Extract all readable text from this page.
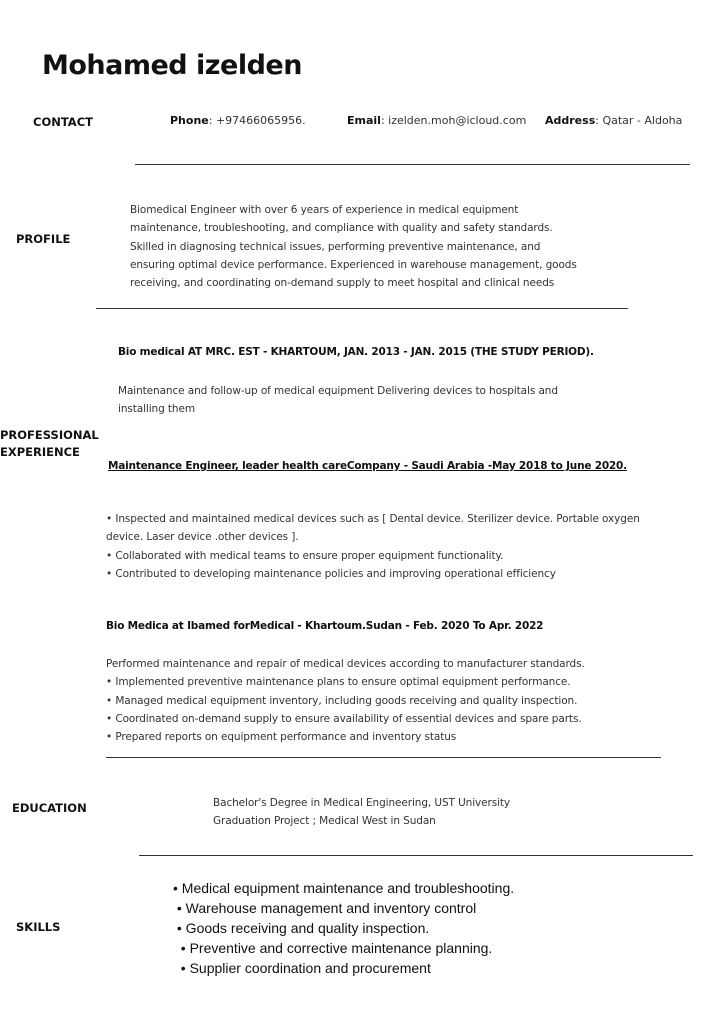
Mohamed izelden
CONTACT	Phone: +97466065956.	Email: izelden.moh@icloud.com Address: Qatar - Aldoha
PROFILE
Biomedical Engineer with over 6 years of experience in medical equipment
maintenance, troubleshooting, and compliance with quality and safety standards.
Skilled in diagnosing technical issues, performing preventive maintenance, and
ensuring optimal device performance. Experienced in warehouse management, goods
receiving, and coordinating on-demand supply to meet hospital and clinical needs
PROFESSIONAL
EXPERIENCE
Bio medical AT MRC. EST - KHARTOUM, JAN. 2013 - JAN. 2015 (THE STUDY PERIOD).
Maintenance and follow-up of medical equipment Delivering devices to hospitals and
installing them
Maintenance Engineer, leader health careCompany - Saudi Arabia -May 2018 to June 2020.
• Inspected and maintained medical devices such as [ Dental device. Sterilizer device. Portable oxygen
device. Laser device .other devices ].
• Collaborated with medical teams to ensure proper equipment functionality.
• Contributed to developing maintenance policies and improving operational efficiency
Bio Medica at Ibamed forMedical - Khartoum.Sudan - Feb. 2020 To Apr. 2022
Performed maintenance and repair of medical devices according to manufacturer standards.
• Implemented preventive maintenance plans to ensure optimal equipment performance.
• Managed medical equipment inventory, including goods receiving and quality inspection.
• Coordinated on-demand supply to ensure availability of essential devices and spare parts.
• Prepared reports on equipment performance and inventory status
EDUCATION	Bachelor's Degree in Medical Engineering, UST University
Graduation Project ; Medical West in Sudan
SKILLS
• Medical equipment maintenance and troubleshooting.
• Warehouse management and inventory control
• Goods receiving and quality inspection.
• Preventive and corrective maintenance planning.
• Supplier coordination and procurement
